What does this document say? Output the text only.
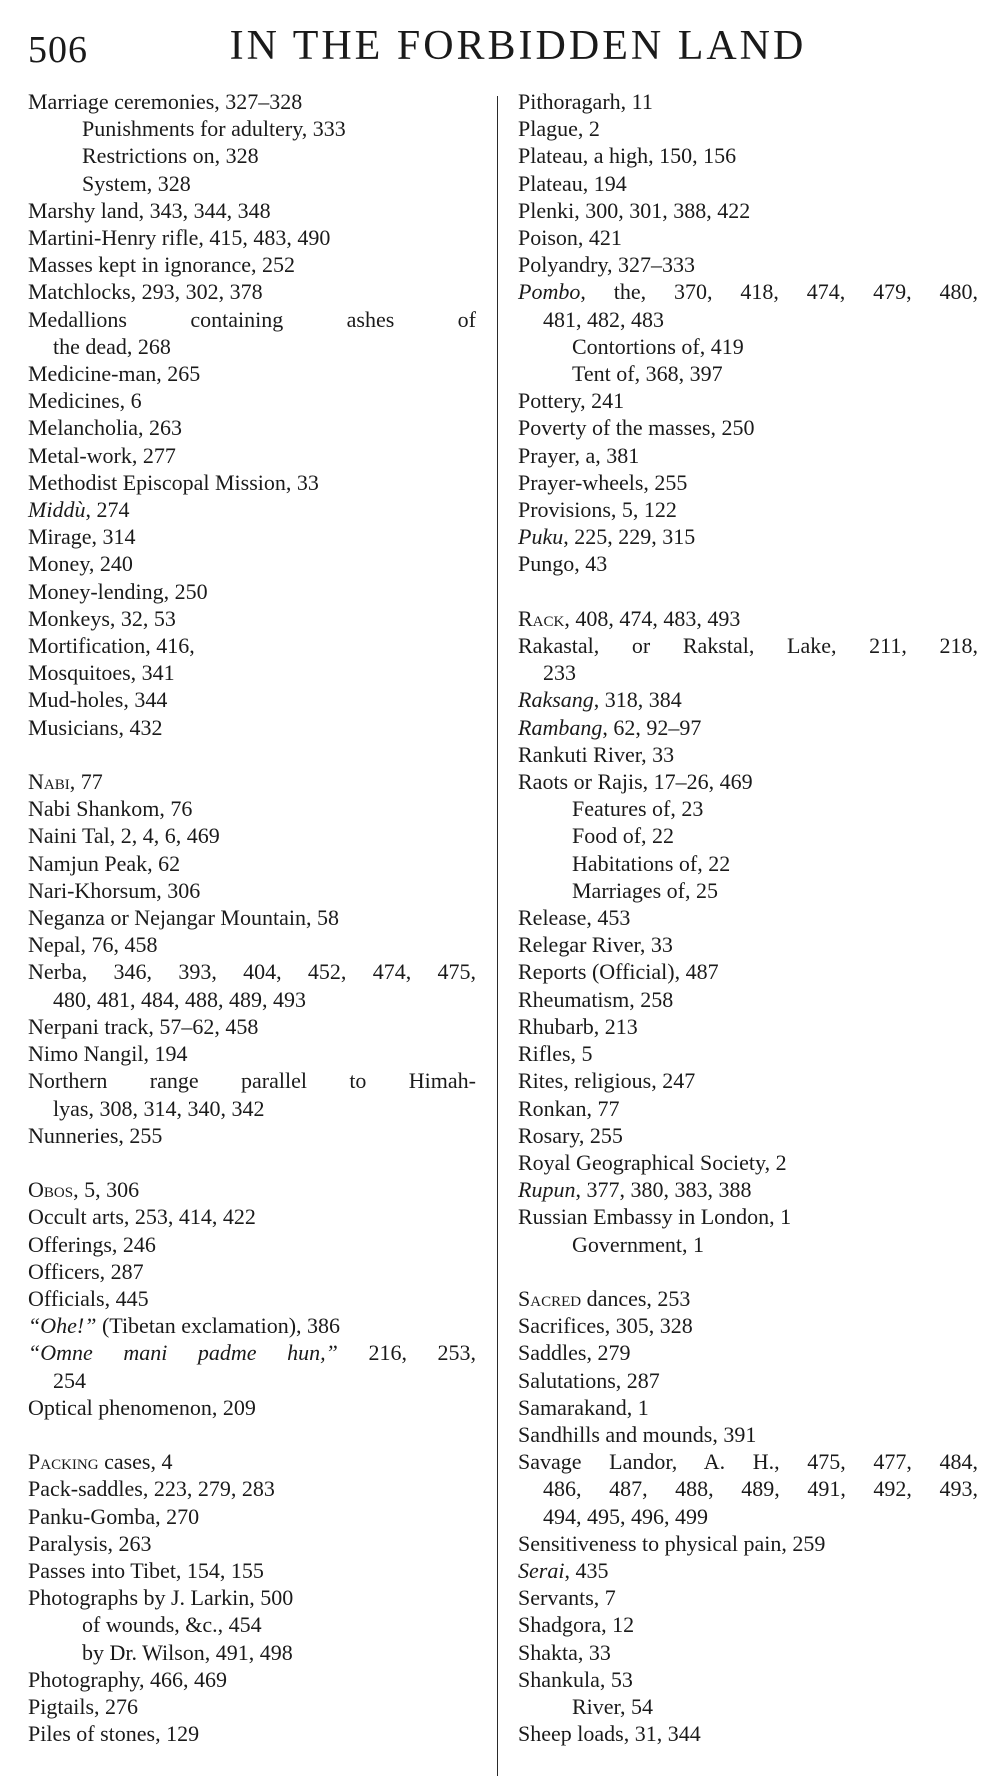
506	IN THE FORBIDDEN LAND
Marriage ceremonies, 327–328
Punishments for adultery, 333
Restrictions on, 328
System, 328
Marshy land, 343, 344, 348
Martini-Henry rifle, 415, 483, 490
Masses kept in ignorance, 252
Matchlocks, 293, 302, 378
Medallions containing ashes of
the dead, 268
Medicine-man, 265
Medicines, 6
Melancholia, 263
Metal-work, 277
Methodist Episcopal Mission, 33
Middù, 274
Mirage, 314
Money, 240
Money-lending, 250
Monkeys, 32, 53
Mortification, 416,
Mosquitoes, 341
Mud-holes, 344
Musicians, 432
Nabi, 77
Nabi Shankom, 76
Naini Tal, 2, 4, 6, 469
Namjun Peak, 62
Nari-Khorsum, 306
Neganza or Nejangar Mountain, 58
Nepal, 76, 458
Nerba, 346, 393, 404, 452, 474, 475,
480, 481, 484, 488, 489, 493
Nerpani track, 57–62, 458
Nimo Nangil, 194
Northern range parallel to Himah-
lyas, 308, 314, 340, 342
Nunneries, 255
Obos, 5, 306
Occult arts, 253, 414, 422
Offerings, 246
Officers, 287
Officials, 445
“Ohe!” (Tibetan exclamation), 386
“Omne mani padme hun,” 216, 253,
254
Optical phenomenon, 209
Packing cases, 4
Pack-saddles, 223, 279, 283
Panku-Gomba, 270
Paralysis, 263
Passes into Tibet, 154, 155
Photographs by J. Larkin, 500
of wounds, &c., 454
by Dr. Wilson, 491, 498
Photography, 466, 469
Pigtails, 276
Piles of stones, 129
Pithoragarh, 11
Plague, 2
Plateau, a high, 150, 156
Plateau, 194
Plenki, 300, 301, 388, 422
Poison, 421
Polyandry, 327–333
Pombo, the, 370, 418, 474, 479, 480,
481, 482, 483
Contortions of, 419
Tent of, 368, 397
Pottery, 241
Poverty of the masses, 250
Prayer, a, 381
Prayer-wheels, 255
Provisions, 5, 122
Puku, 225, 229, 315
Pungo, 43
Rack, 408, 474, 483, 493
Rakastal, or Rakstal, Lake, 211, 218,
233
Raksang, 318, 384
Rambang, 62, 92–97
Rankuti River, 33
Raots or Rajis, 17–26, 469
Features of, 23
Food of, 22
Habitations of, 22
Marriages of, 25
Release, 453
Relegar River, 33
Reports (Official), 487
Rheumatism, 258
Rhubarb, 213
Rifles, 5
Rites, religious, 247
Ronkan, 77
Rosary, 255
Royal Geographical Society, 2
Rupun, 377, 380, 383, 388
Russian Embassy in London, 1
Government, 1
Sacred dances, 253
Sacrifices, 305, 328
Saddles, 279
Salutations, 287
Samarakand, 1
Sandhills and mounds, 391
Savage Landor, A. H., 475, 477, 484,
486, 487, 488, 489, 491, 492, 493,
494, 495, 496, 499
Sensitiveness to physical pain, 259
Serai, 435
Servants, 7
Shadgora, 12
Shakta, 33
Shankula, 53
River, 54
Sheep loads, 31, 344
